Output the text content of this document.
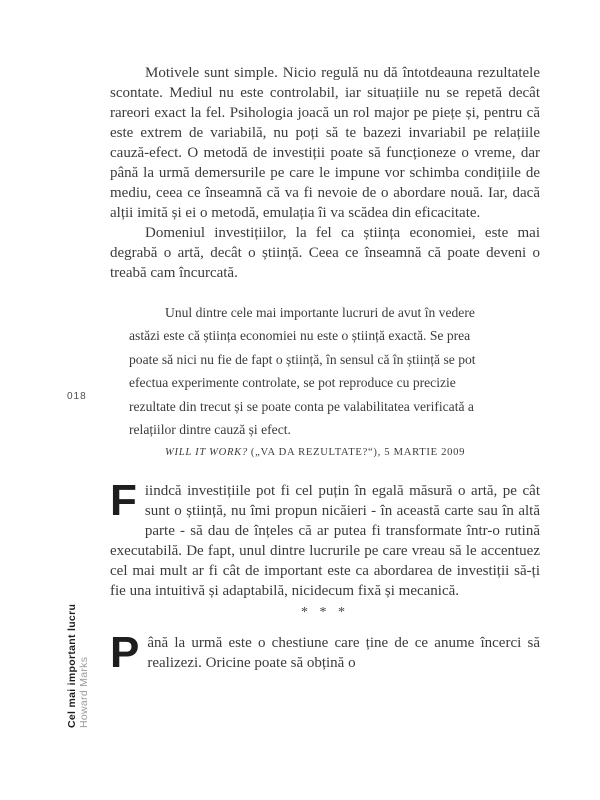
018
Cel mai important lucru Howard Marks

Motivele sunt simple. Nicio regulă nu dă întotdeauna rezultatele scontate. Mediul nu este controlabil, iar situațiile nu se repetă decât rareori exact la fel. Psihologia joacă un rol major pe piețe și, pentru că este extrem de variabilă, nu poți să te bazezi invariabil pe relațiile cauză-efect. O metodă de investiții poate să funcționeze o vreme, dar până la urmă demersurile pe care le impune vor schimba condițiile de mediu, ceea ce înseamnă că va fi nevoie de o abordare nouă. Iar, dacă alții imită și ei o metodă, emulația îi va scădea din eficacitate.

Domeniul investițiilor, la fel ca știința economiei, este mai degrabă o artă, decât o știință. Ceea ce înseamnă că poate deveni o treabă cam încurcată.

Unul dintre cele mai importante lucruri de avut în vedere astăzi este că știința economiei nu este o știință exactă. Se prea poate să nici nu fie de fapt o știință, în sensul că în știință se pot efectua experimente controlate, se pot reproduce cu precizie rezultate din trecut și se poate conta pe valabilitatea verificată a relațiilor dintre cauză și efect.

WILL IT WORK? („VA DA REZULTATE?“), 5 MARTIE 2009

Fiindcă investițiile pot fi cel puțin în egală măsură o artă, pe cât sunt o știință, nu îmi propun nicăieri - în această carte sau în altă parte - să dau de înțeles că ar putea fi transformate într-o rutină executabilă. De fapt, unul dintre lucrurile pe care vreau să le accentuez cel mai mult ar fi cât de important este ca abordarea de investiții să-ți fie una intuitivă și adaptabilă, nicidecum fixă și mecanică.

* * *

Până la urmă este o chestiune care ține de ce anume încerci să realizezi. Oricine poate să obțină o
